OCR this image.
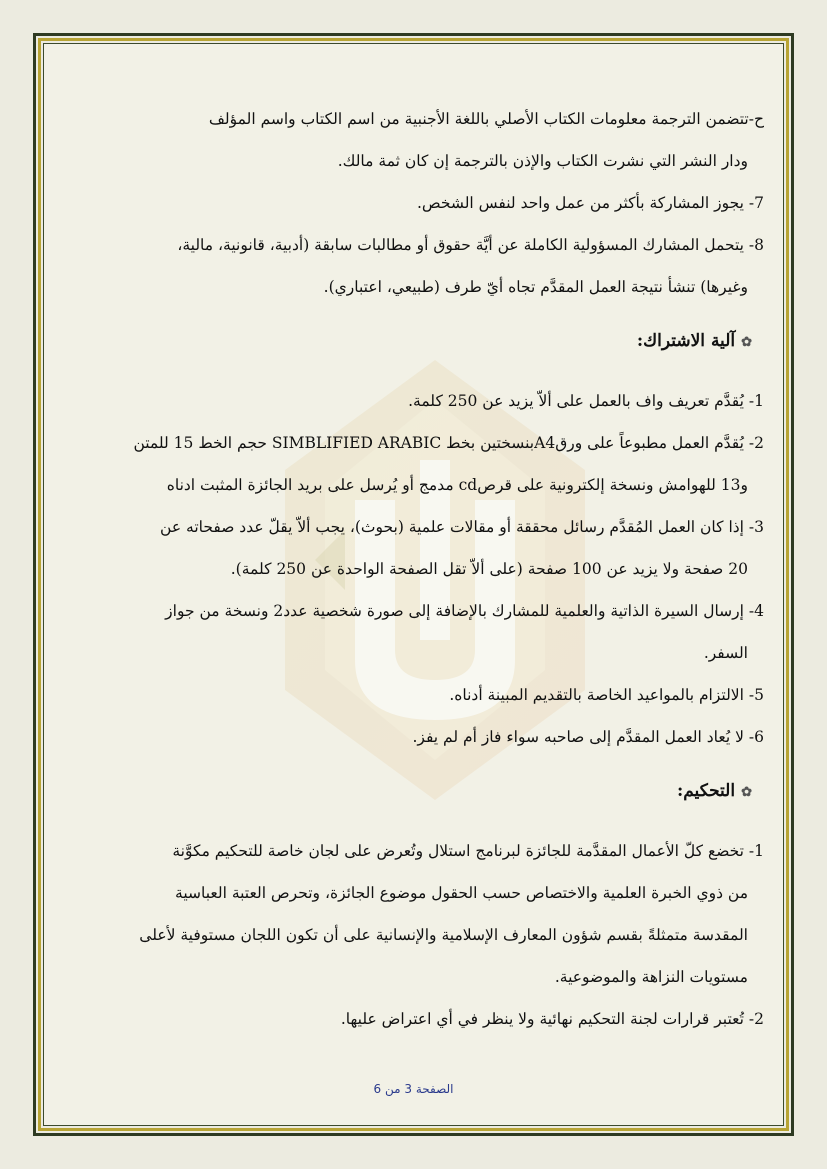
ح-تتضمن الترجمة معلومات الكتاب الأصلي باللغة الأجنبية من اسم الكتاب واسم المؤلف
ودار النشر التي نشرت الكتاب والإذن بالترجمة إن كان ثمة مالك.
7- يجوز المشاركة بأكثر من عمل واحد لنفس الشخص.
8- يتحمل المشارك المسؤولية الكاملة عن أيَّة حقوق أو مطالبات سابقة (أدبية، قانونية، مالية،
وغيرها) تنشأ نتيجة العمل المقدَّم تجاه أيّ طرف (طبيعي، اعتباري).
✿آلية الاشتراك:
1- يُقدَّم تعريف واف بالعمل على ألاّ يزيد عن 250 كلمة.
2- يُقدَّم العمل مطبوعاً على ورقA4بنسختين بخط SIMBLIFIED ARABIC حجم الخط 15 للمتن
و13 للهوامش ونسخة إلكترونية على قرصcd مدمج أو يُرسل على بريد الجائزة المثبت ادناه
3- إذا كان العمل المُقدَّم رسائل محققة أو مقالات علمية (بحوث)، يجب ألاّ يقلّ عدد صفحاته عن
20 صفحة ولا يزيد عن 100 صفحة (على ألاّ تقل الصفحة الواحدة عن 250 كلمة).
4- إرسال السيرة الذاتية والعلمية للمشارك بالإضافة إلى صورة شخصية عدد2 ونسخة من جواز
السفر.
5- الالتزام بالمواعيد الخاصة بالتقديم المبينة أدناه.
6- لا يُعاد العمل المقدَّم إلى صاحبه سواء فاز أم لم يفز.
✿التحكيم:
1- تخضع كلّ الأعمال المقدَّمة للجائزة لبرنامج استلال وتُعرض على لجان خاصة للتحكيم مكوَّنة
من ذوي الخبرة العلمية والاختصاص حسب الحقول موضوع الجائزة، وتحرص العتبة العباسية
المقدسة متمثلةً بقسم شؤون المعارف الإسلامية والإنسانية على أن تكون اللجان مستوفية لأعلى
مستويات النزاهة والموضوعية.
2- تُعتبر قرارات لجنة التحكيم نهائية ولا ينظر في أي اعتراض عليها.
الصفحة 3 من 6
